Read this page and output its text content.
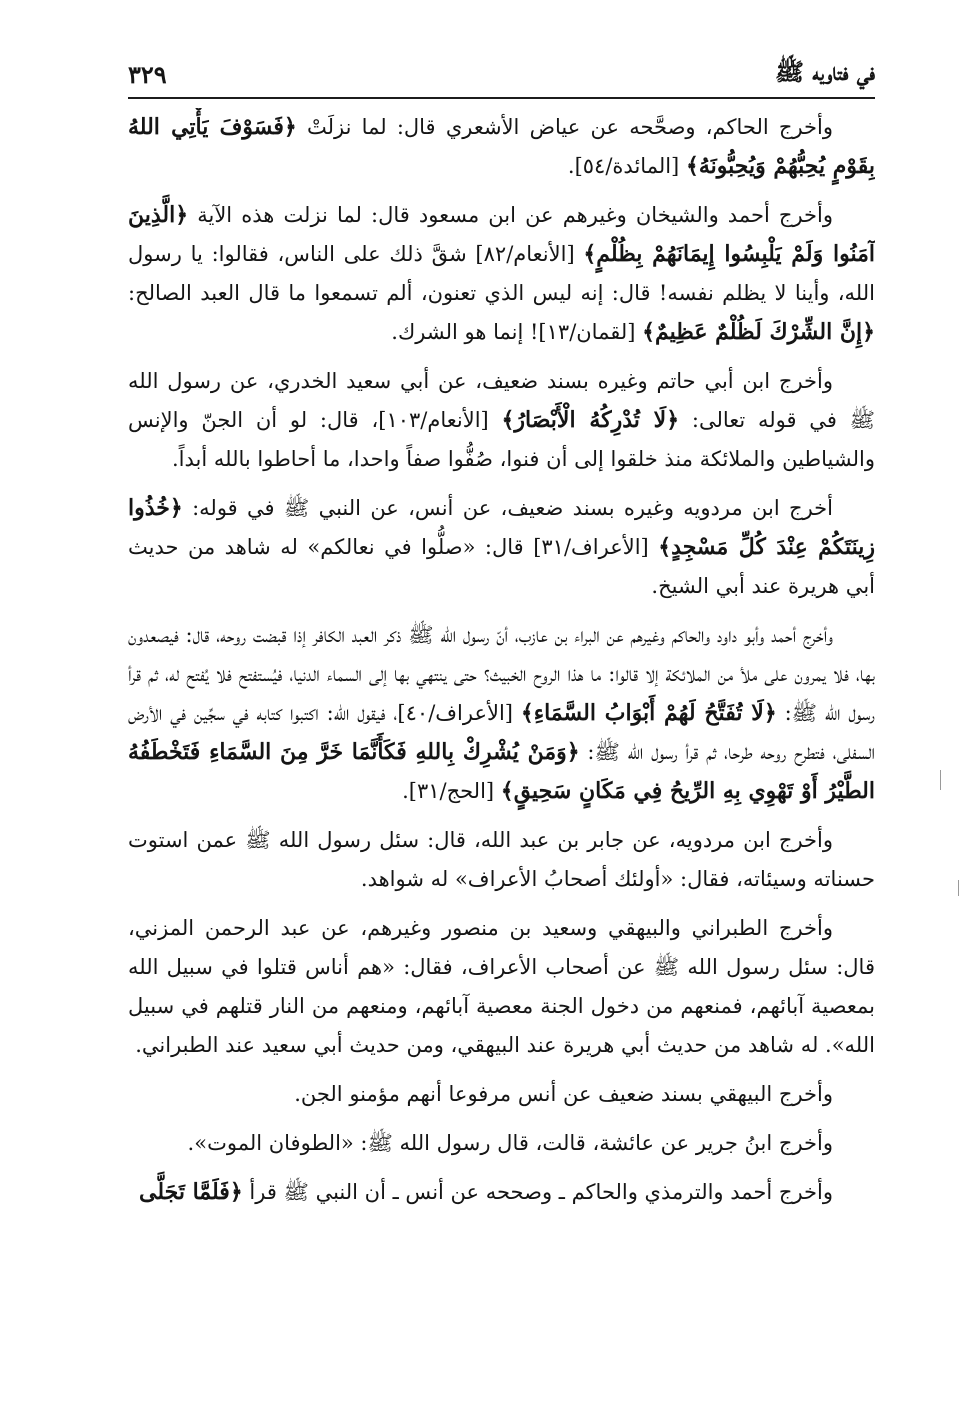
في فتاويه ﷺ
٣٢٩

وأخرج الحاكم، وصحَّحه عن عياض الأشعري قال: لما نزلَتْ ﴿فَسَوْفَ يَأْتِي اللهُ بِقَوْمٍ يُحِبُّهُمْ وَيُحِبُّونَهُ﴾ [المائدة/٥٤].

وأخرج أحمد والشيخان وغيرهم عن ابن مسعود قال: لما نزلت هذه الآية ﴿الَّذِينَ آمَنُوا وَلَمْ يَلْبِسُوا إِيمَانَهُمْ بِظُلْمٍ﴾ [الأنعام/٨٢] شقَّ ذلك على الناس، فقالوا: يا رسول الله، وأينا لا يظلم نفسه! قال: إنه ليس الذي تعنون، ألم تسمعوا ما قال العبد الصالح: ﴿إِنَّ الشِّرْكَ لَظُلْمٌ عَظِيمٌ﴾ [لقمان/١٣]! إنما هو الشرك.

وأخرج ابن أبي حاتم وغيره بسند ضعيف، عن أبي سعيد الخدري، عن رسول الله ﷺ في قوله تعالى: ﴿لَا تُدْرِكُهُ الْأَبْصَارُ﴾ [الأنعام/١٠٣]، قال: لو أن الجنّ والإنس والشياطين والملائكة منذ خلقوا إلى أن فنوا، صُفُّوا صفاً واحدا، ما أحاطوا بالله أبداً.

أخرج ابن مردويه وغيره بسند ضعيف، عن أنس، عن النبي ﷺ في قوله: ﴿خُذُوا زِينَتَكُمْ عِنْدَ كُلِّ مَسْجِدٍ﴾ [الأعراف/٣١] قال: «صلُّوا في نعالكم» له شاهد من حديث أبي هريرة عند أبي الشيخ.

وأخرج أحمد وأبو داود والحاكم وغيرهم عن البراء بن عازب، أنّ رسول الله ﷺ ذكر العبد الكافر إذا قبضت روحه، قال: فيصعدون بها، فلا يمرون على ملأ من الملائكة إلا قالوا: ما هذا الروح الخبيث؟ حتى ينتهي بها إلى السماء الدنيا، فيُستفتح فلا يُفتح له، ثم قرأ رسول الله ﷺ: ﴿لَا تُفَتَّحُ لَهُمْ أَبْوَابُ السَّمَاءِ﴾ [الأعراف/٤٠]، فيقول الله: اكتبوا كتابه في سجِّين في الأرض السفلى، فتطرح روحه طرحا، ثم قرأ رسول الله ﷺ: ﴿وَمَنْ يُشْرِكْ بِاللهِ فَكَأَنَّمَا خَرَّ مِنَ السَّمَاءِ فَتَخْطَفُهُ الطَّيْرُ أَوْ تَهْوِي بِهِ الرِّيحُ فِي مَكَانٍ سَحِيقٍ﴾ [الحج/٣١].

وأخرج ابن مردويه، عن جابر بن عبد الله، قال: سئل رسول الله ﷺ عمن استوت حسناته وسيئاته، فقال: «أولئك أصحابُ الأعراف» له شواهد.

وأخرج الطبراني والبيهقي وسعيد بن منصور وغيرهم، عن عبد الرحمن المزني، قال: سئل رسول الله ﷺ عن أصحاب الأعراف، فقال: «هم أناس قتلوا في سبيل الله بمعصية آبائهم، فمنعهم من دخول الجنة معصية آبائهم، ومنعهم من النار قتلهم في سبيل الله». له شاهد من حديث أبي هريرة عند البيهقي، ومن حديث أبي سعيد عند الطبراني.

وأخرج البيهقي بسند ضعيف عن أنس مرفوعا أنهم مؤمنو الجن.

وأخرج ابنُ جرير عن عائشة، قالت، قال رسول الله ﷺ: «الطوفان الموت».

وأخرج أحمد والترمذي والحاكم ـ وصححه عن أنس ـ أن النبي ﷺ قرأ ﴿فَلَمَّا تَجَلَّى
